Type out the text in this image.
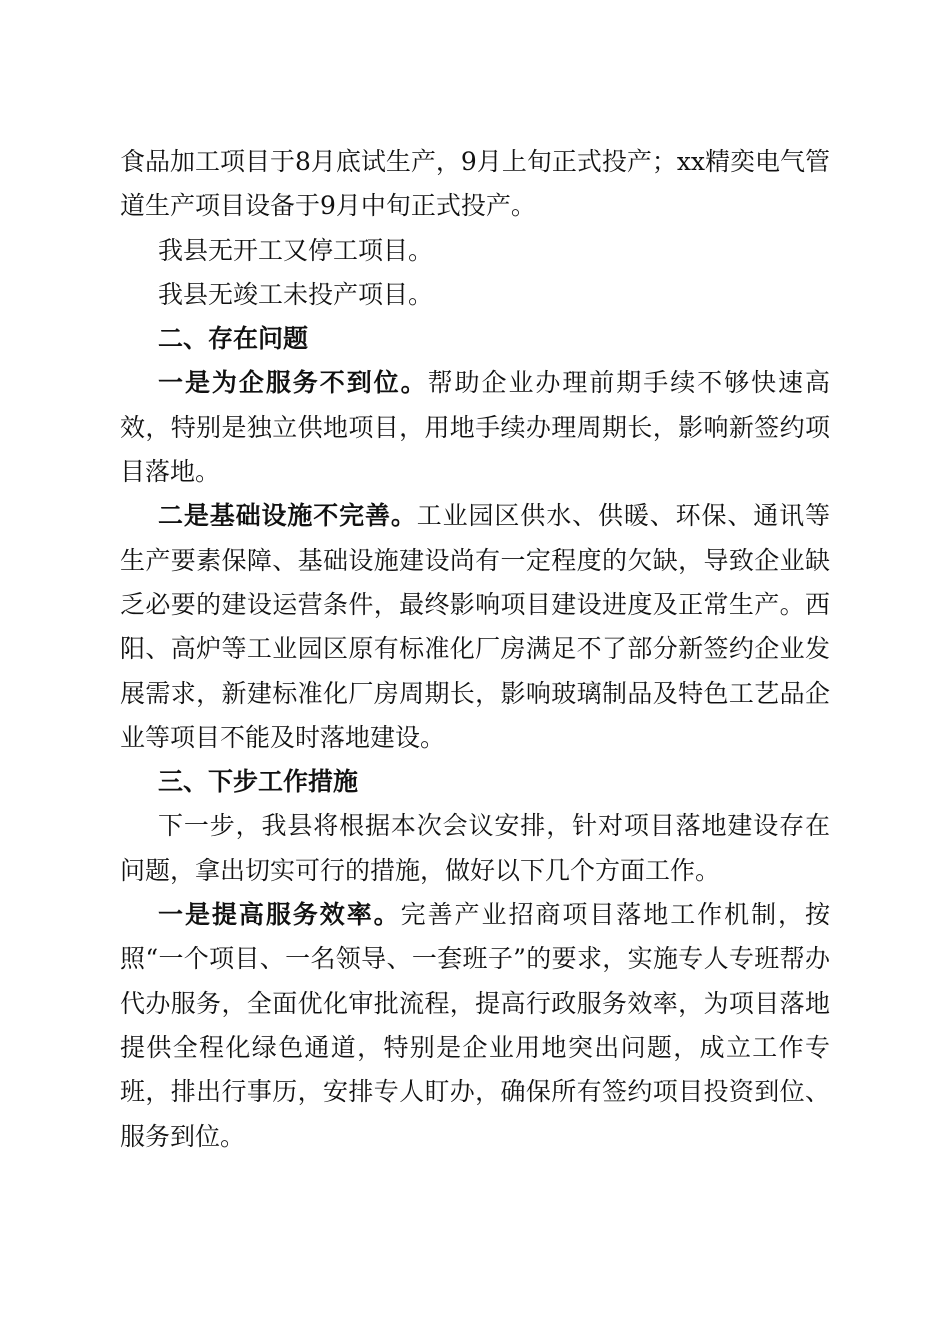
食品加工项目于8月底试生产，9月上旬正式投产；xx精奕电气管道生产项目设备于9月中旬正式投产。

我县无开工又停工项目。

我县无竣工未投产项目。

二、存在问题

一是为企服务不到位。帮助企业办理前期手续不够快速高效，特别是独立供地项目，用地手续办理周期长，影响新签约项目落地。

二是基础设施不完善。工业园区供水、供暖、环保、通讯等生产要素保障、基础设施建设尚有一定程度的欠缺，导致企业缺乏必要的建设运营条件，最终影响项目建设进度及正常生产。西阳、高炉等工业园区原有标准化厂房满足不了部分新签约企业发展需求，新建标准化厂房周期长，影响玻璃制品及特色工艺品企业等项目不能及时落地建设。

三、下步工作措施

下一步，我县将根据本次会议安排，针对项目落地建设存在问题，拿出切实可行的措施，做好以下几个方面工作。

一是提高服务效率。完善产业招商项目落地工作机制，按照“一个项目、一名领导、一套班子”的要求，实施专人专班帮办代办服务，全面优化审批流程，提高行政服务效率，为项目落地提供全程化绿色通道，特别是企业用地突出问题，成立工作专班，排出行事历，安排专人盯办，确保所有签约项目投资到位、服务到位。
